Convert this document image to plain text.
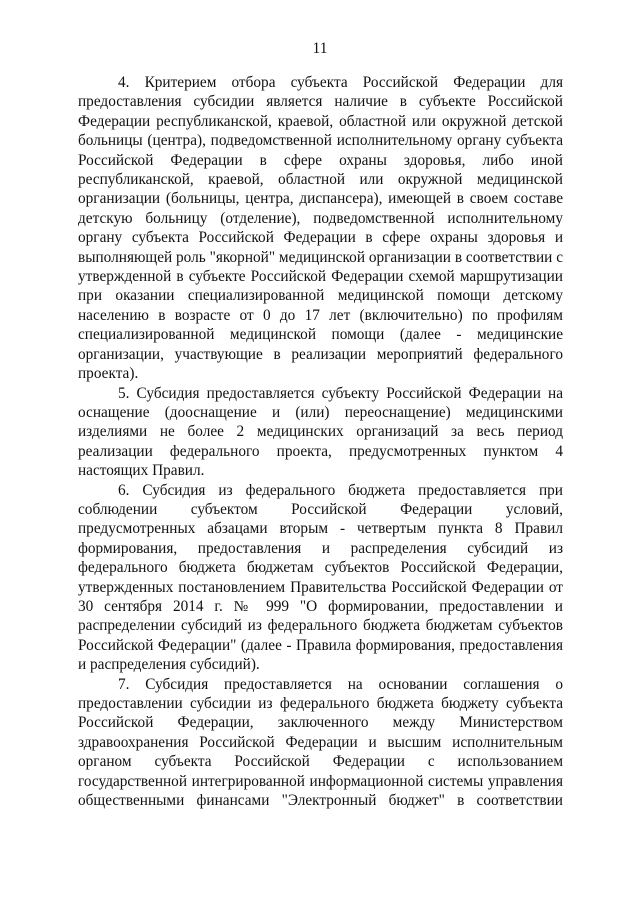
11

4. Критерием отбора субъекта Российской Федерации для предоставления субсидии является наличие в субъекте Российской Федерации республиканской, краевой, областной или окружной детской больницы (центра), подведомственной исполнительному органу субъекта Российской Федерации в сфере охраны здоровья, либо иной республиканской, краевой, областной или окружной медицинской организации (больницы, центра, диспансера), имеющей в своем составе детскую больницу (отделение), подведомственной исполнительному органу субъекта Российской Федерации в сфере охраны здоровья и выполняющей роль "якорной" медицинской организации в соответствии с утвержденной в субъекте Российской Федерации схемой маршрутизации при оказании специализированной медицинской помощи детскому населению в возрасте от 0 до 17 лет (включительно) по профилям специализированной медицинской помощи (далее - медицинские организации, участвующие в реализации мероприятий федерального проекта).

5. Субсидия предоставляется субъекту Российской Федерации на оснащение (дооснащение и (или) переоснащение) медицинскими изделиями не более 2 медицинских организаций за весь период реализации федерального проекта, предусмотренных пунктом 4 настоящих Правил.

6. Субсидия из федерального бюджета предоставляется при соблюдении субъектом Российской Федерации условий, предусмотренных абзацами вторым - четвертым пункта 8 Правил формирования, предоставления и распределения субсидий из федерального бюджета бюджетам субъектов Российской Федерации, утвержденных постановлением Правительства Российской Федерации от 30 сентября 2014 г. № 999 "О формировании, предоставлении и распределении субсидий из федерального бюджета бюджетам субъектов Российской Федерации" (далее - Правила формирования, предоставления и распределения субсидий).

7. Субсидия предоставляется на основании соглашения о предоставлении субсидии из федерального бюджета бюджету субъекта Российской Федерации, заключенного между Министерством здравоохранения Российской Федерации и высшим исполнительным органом субъекта Российской Федерации с использованием государственной интегрированной информационной системы управления общественными финансами "Электронный бюджет" в соответствии
